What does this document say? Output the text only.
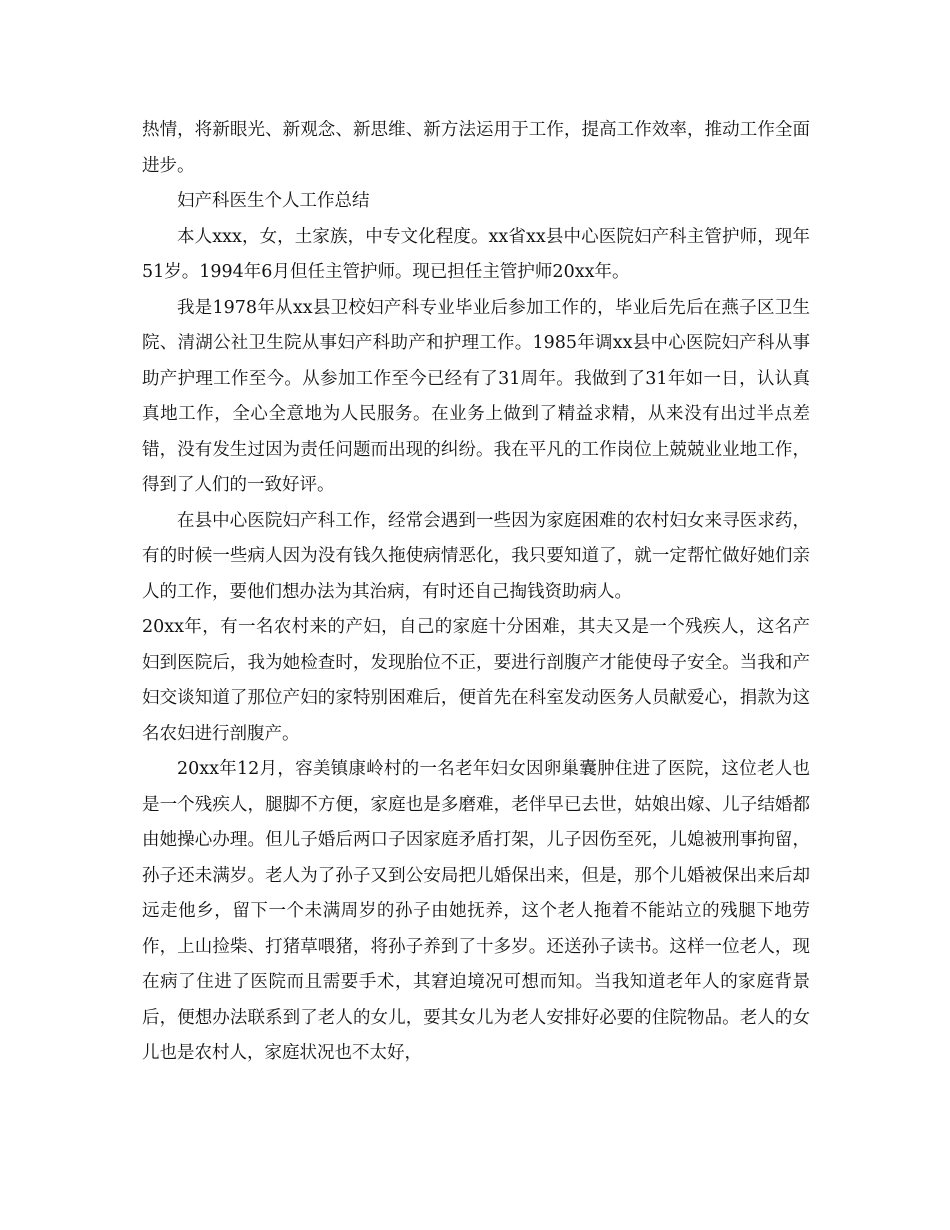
热情，将新眼光、新观念、新思维、新方法运用于工作，提高工作效率，推动工作全面进步。

妇产科医生个人工作总结

本人xxx，女，土家族，中专文化程度。xx省xx县中心医院妇产科主管护师，现年51岁。1994年6月但任主管护师。现已担任主管护师20xx年。

我是1978年从xx县卫校妇产科专业毕业后参加工作的，毕业后先后在燕子区卫生院、清湖公社卫生院从事妇产科助产和护理工作。1985年调xx县中心医院妇产科从事助产护理工作至今。从参加工作至今已经有了31周年。我做到了31年如一日，认认真真地工作，全心全意地为人民服务。在业务上做到了精益求精，从来没有出过半点差错，没有发生过因为责任问题而出现的纠纷。我在平凡的工作岗位上兢兢业业地工作，得到了人们的一致好评。

在县中心医院妇产科工作，经常会遇到一些因为家庭困难的农村妇女来寻医求药，有的时候一些病人因为没有钱久拖使病情恶化，我只要知道了，就一定帮忙做好她们亲人的工作，要他们想办法为其治病，有时还自己掏钱资助病人。

20xx年，有一名农村来的产妇，自己的家庭十分困难，其夫又是一个残疾人，这名产妇到医院后，我为她检查时，发现胎位不正，要进行剖腹产才能使母子安全。当我和产妇交谈知道了那位产妇的家特别困难后，便首先在科室发动医务人员献爱心，捐款为这名农妇进行剖腹产。

20xx年12月，容美镇康岭村的一名老年妇女因卵巢囊肿住进了医院，这位老人也是一个残疾人，腿脚不方便，家庭也是多磨难，老伴早已去世，姑娘出嫁、儿子结婚都由她操心办理。但儿子婚后两口子因家庭矛盾打架，儿子因伤至死，儿媳被刑事拘留，孙子还未满岁。老人为了孙子又到公安局把儿婚保出来，但是，那个儿婚被保出来后却远走他乡，留下一个未满周岁的孙子由她抚养，这个老人拖着不能站立的残腿下地劳作，上山捡柴、打猪草喂猪，将孙子养到了十多岁。还送孙子读书。这样一位老人，现在病了住进了医院而且需要手术，其窘迫境况可想而知。当我知道老年人的家庭背景后，便想办法联系到了老人的女儿，要其女儿为老人安排好必要的住院物品。老人的女儿也是农村人，家庭状况也不太好，
